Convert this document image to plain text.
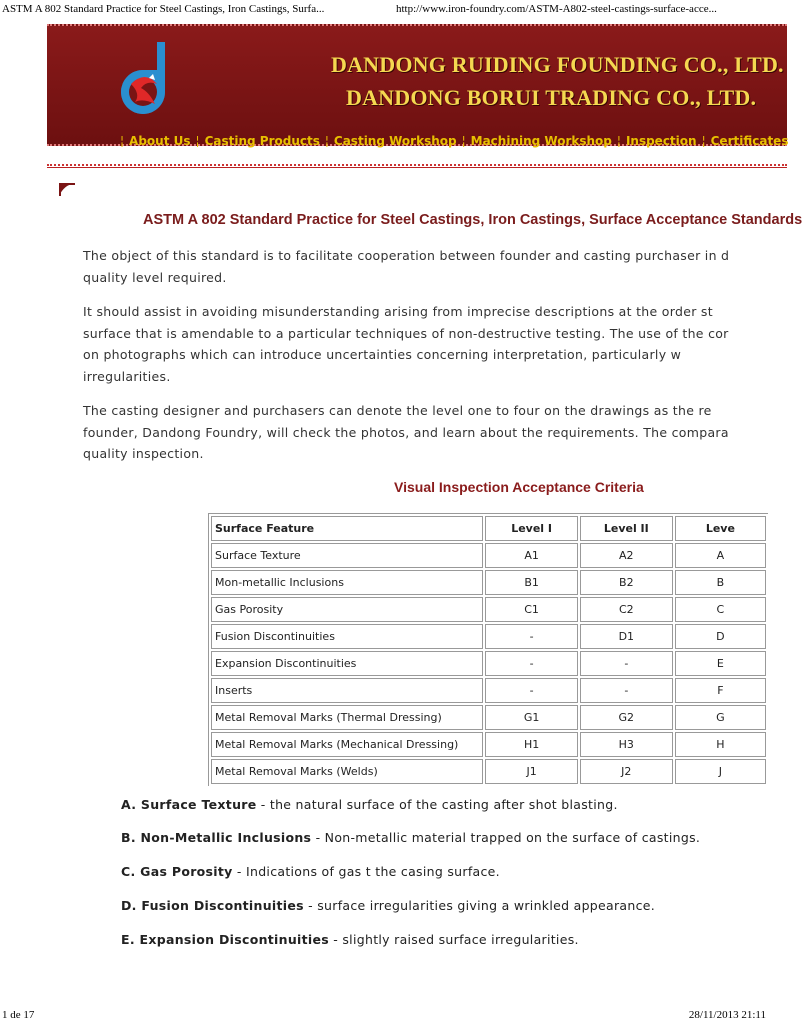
ASTM A 802 Standard Practice for Steel Castings, Iron Castings, Surfa...	http://www.iron-foundry.com/ASTM-A802-steel-castings-surface-acce...
DANDONG RUIDING FOUNDING CO., LTD.
DANDONG BORUI TRADING CO., LTD.
¦ About Us ¦ Casting Products ¦ Casting Workshop ¦ Machining Workshop ¦ Inspection ¦ Certificates
ASTM A 802 Standard Practice for Steel Castings, Iron Castings, Surface Acceptance Standards
The object of this standard is to facilitate cooperation between founder and casting purchaser in d
quality level required.
It should assist in avoiding misunderstanding arising from imprecise descriptions at the order st
surface that is amendable to a particular techniques of non-destructive testing. The use of the cor
on photographs which can introduce uncertainties concerning interpretation, particularly w
irregularities.
The casting designer and purchasers can denote the level one to four on the drawings as the re
founder, Dandong Foundry, will check the photos, and learn about the requirements. The compara
quality inspection.
Visual Inspection Acceptance Criteria
Surface Feature	Level I	Level II	Leve
Surface Texture	A1	A2	A
Mon-metallic Inclusions	B1	B2	B
Gas Porosity	C1	C2	C
Fusion Discontinuities	-	D1	D
Expansion Discontinuities	-	-	E
Inserts	-	-	F
Metal Removal Marks (Thermal Dressing)	G1	G2	G
Metal Removal Marks (Mechanical Dressing)	H1	H3	H
Metal Removal Marks (Welds)	J1	J2	J
A. Surface Texture - the natural surface of the casting after shot blasting.
B. Non-Metallic Inclusions - Non-metallic material trapped on the surface of castings.
C. Gas Porosity - Indications of gas t the casing surface.
D. Fusion Discontinuities - surface irregularities giving a wrinkled appearance.
E. Expansion Discontinuities - slightly raised surface irregularities.
1 de 17	28/11/2013 21:11
